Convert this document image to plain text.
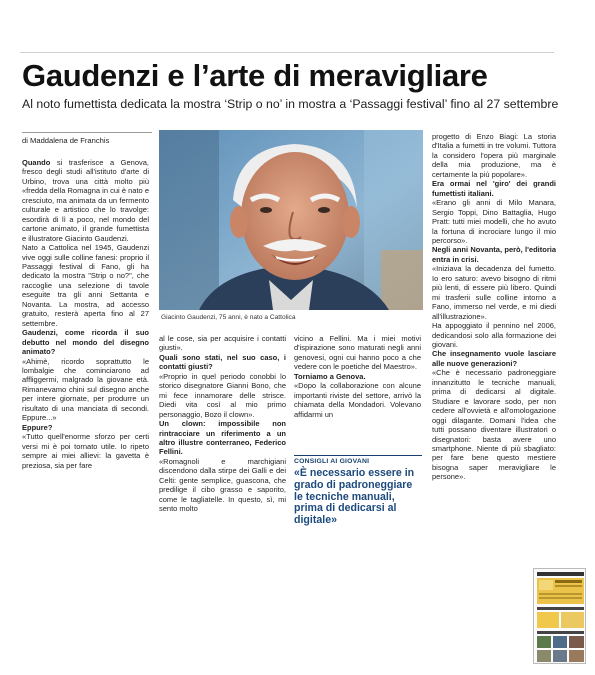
Gaudenzi e l’arte di meravigliare
Al noto fumettista dedicata la mostra ‘Strip o no’ in mostra a ‘Passaggi festival’ fino al 27 settembre
di Maddalena de Franchis

Quando si trasferisce a Genova, fresco degli studi all'istituto d'arte di Urbino, trova una città molto più «fredda della Romagna in cui è nato e cresciuto, ma animata da un fermento culturale e artistico che lo travolge: esordirà di lì a poco, nel mondo del cartone animato, il grande fumettista e illustratore Giacinto Gaudenzi.

Nato a Cattolica nel 1945, Gaudenzi vive oggi sulle colline fanesi: proprio il Passaggi festival di Fano, gli ha dedicato la mostra "Strip o no?", che raccoglie una selezione di tavole eseguite tra gli anni Settanta e Novanta. La mostra, ad accesso gratuito, resterà aperta fino al 27 settembre.

Gaudenzi, come ricorda il suo debutto nel mondo del disegno animato?

«Ahimè, ricordo soprattutto le lombalgie che cominciarono ad affliggermi, malgrado la giovane età. Rimanevamo chini sul disegno anche per intere giornate, per produrre un risultato di una manciata di secondi. Eppure...»

Eppure?

«Tutto quell'enorme sforzo per certi versi mi è poi tornato utile. Io ripeto sempre ai miei allievi: la gavetta è preziosa, sia per fare

Giacinto Gaudenzi, 75 anni, è nato a Cattolica

al le cose, sia per acquisire i contatti giusti».

Quali sono stati, nel suo caso, i contatti giusti?

«Proprio in quel periodo conobbi lo storico disegnatore Gianni Bono, che mi fece innamorare delle strisce. Diedi vita così al mio primo personaggio, Bozo il clown».

Un clown: impossibile non rintracciare un riferimento a un altro illustre conterraneo, Federico Fellini.

«Romagnoli e marchigiani discendono dalla stirpe dei Galli e dei Celti: gente semplice, guascona, che predilige il cibo grasso e saporito, come le tagliatelle. In questo, sì, mi sento molto

vicino a Fellini. Ma i miei motivi d'ispirazione sono maturati negli anni genovesi, ogni cui hanno poco a che vedere con le poetiche del Maestro».

Torniamo a Genova.

«Dopo la collaborazione con alcune importanti riviste del settore, arrivò la chiamata della Mondadori. Volevano affidarmi un

CONSIGLI AI GIOVANI
«È necessario essere in grado di padroneggiare le tecniche manuali, prima di dedicarsi al digitale»

progetto di Enzo Biagi: La storia d'Italia a fumetti in tre volumi. Tuttora la considero l'opera più marginale della mia produzione, ma è certamente la più popolare».

Era ormai nel 'giro' dei grandi fumettisti italiani.

«Erano gli anni di Milo Manara, Sergio Toppi, Dino Battaglia, Hugo Pratt: tutti miei modelli, che ho avuto la fortuna di incrociare lungo il mio percorso».

Negli anni Novanta, però, l'editoria entra in crisi.

«Iniziava la decadenza del fumetto. Io ero saturo: avevo bisogno di ritmi più lenti, di essere più libero. Quindi mi trasferii sulle colline intorno a Fano, immerso nel verde, e mi diedi all'illustrazione».

Ha appoggiato il pennino nel 2006, dedicandosi solo alla formazione dei giovani.

Che insegnamento vuole lasciare alle nuove generazioni?

«Che è necessario padroneggiare innanzitutto le tecniche manuali, prima di dedicarsi al digitale. Studiare e lavorare sodo, per non cedere all'ovvietà e all'omologazione oggi dilagante. Domani l'idea che tutti possano diventare illustratori o disegnatori: basta avere uno smartphone. Niente di più sbagliato: per fare bene questo mestiere bisogna saper meravigliare le persone».
